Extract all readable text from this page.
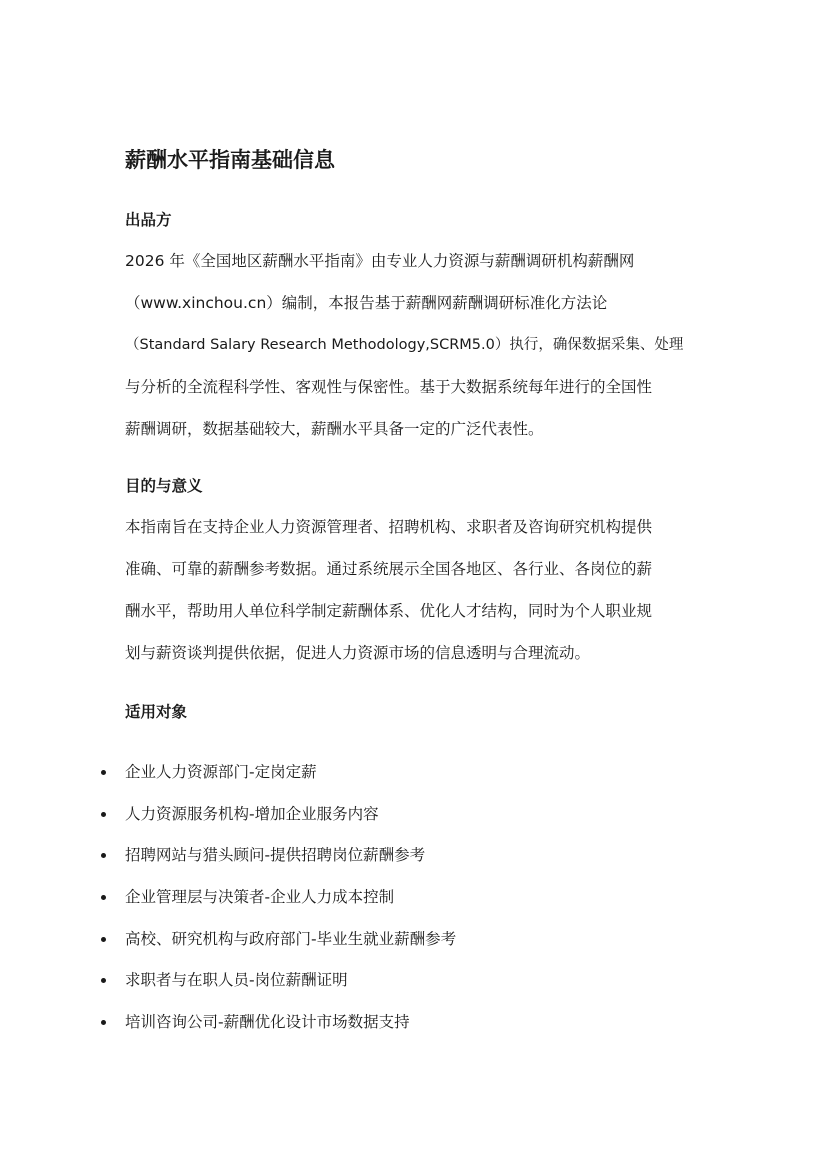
薪酬水平指南基础信息
出品方
2026 年《全国地区薪酬水平指南》由专业人力资源与薪酬调研机构薪酬网
（www.xinchou.cn）编制，本报告基于薪酬网薪酬调研标准化方法论
（Standard Salary Research Methodology,SCRM5.0）执行，确保数据采集、处理
与分析的全流程科学性、客观性与保密性。基于大数据系统每年进行的全国性
薪酬调研，数据基础较大，薪酬水平具备一定的广泛代表性。
目的与意义
本指南旨在支持企业人力资源管理者、招聘机构、求职者及咨询研究机构提供
准确、可靠的薪酬参考数据。通过系统展示全国各地区、各行业、各岗位的薪
酬水平，帮助用人单位科学制定薪酬体系、优化人才结构，同时为个人职业规
划与薪资谈判提供依据，促进人力资源市场的信息透明与合理流动。
适用对象
企业人力资源部门-定岗定薪
人力资源服务机构-增加企业服务内容
招聘网站与猎头顾问-提供招聘岗位薪酬参考
企业管理层与决策者-企业人力成本控制
高校、研究机构与政府部门-毕业生就业薪酬参考
求职者与在职人员-岗位薪酬证明
培训咨询公司-薪酬优化设计市场数据支持
